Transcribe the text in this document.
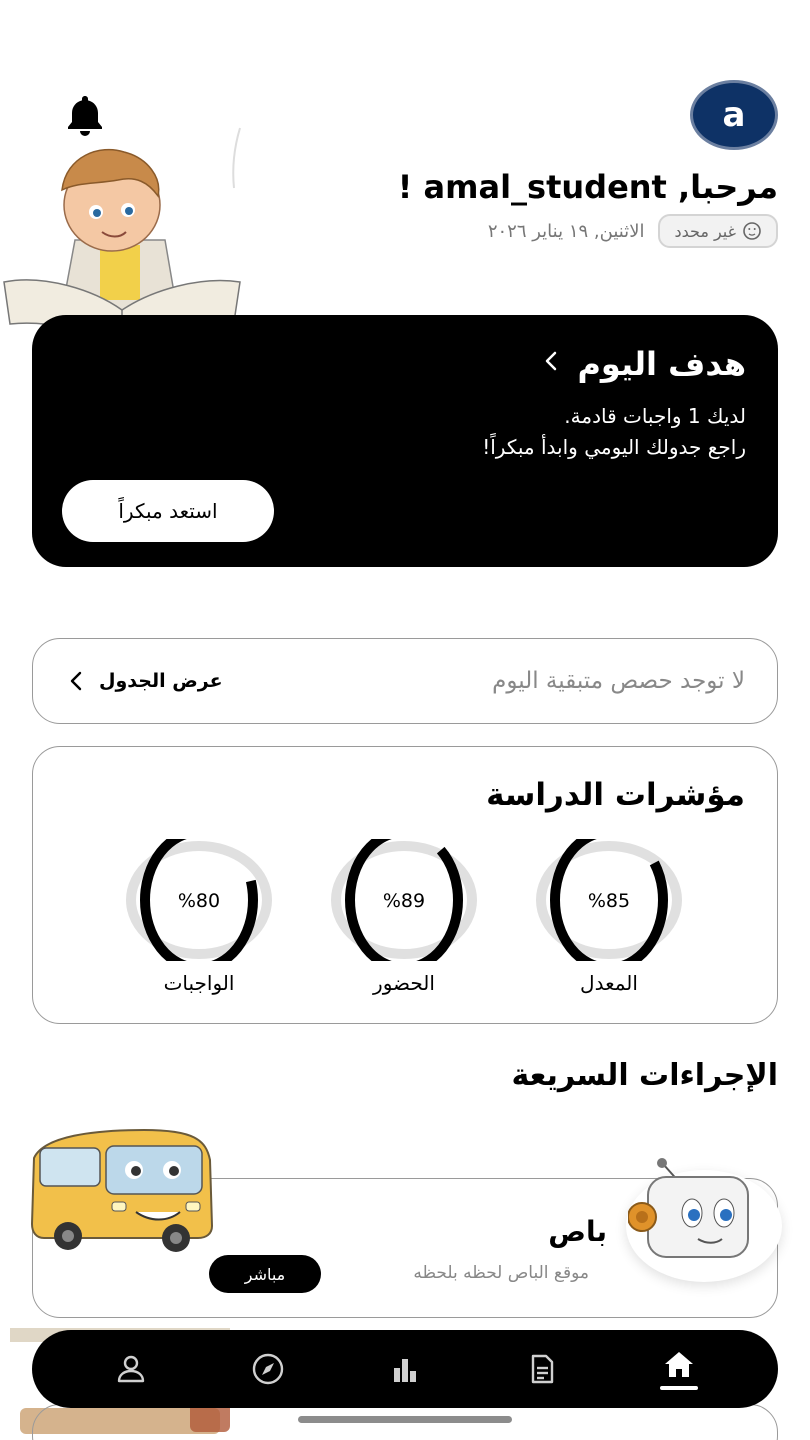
a
مرحبا, amal_student !
الاثنين, ١٩ يناير ٢٠٢٦ غير محدد
هدف اليوم
لديك 1 واجبات قادمة.
راجع جدولك اليومي وابدأ مبكراً!
استعد مبكراً
لا توجد حصص متبقية اليوم
عرض الجدول
مؤشرات الدراسة
%85
المعدل
%89
الحضور
%80
الواجبات
الإجراءات السريعة
باص
موقع الباص لحظه بلحظه
مباشر
